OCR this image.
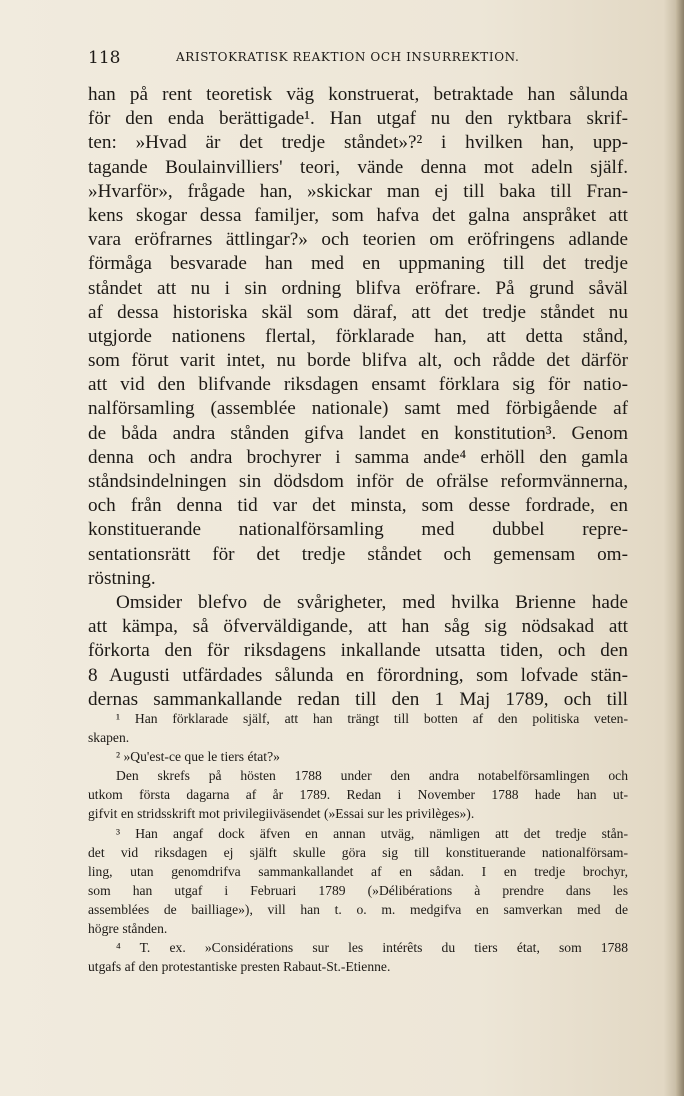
118	ARISTOKRATISK REAKTION OCH INSURREKTION.
han på rent teoretisk väg konstruerat, betraktade han sålunda
för den enda berättigade¹. Han utgaf nu den ryktbara skrif-
ten: »Hvad är det tredje ståndet»?² i hvilken han, upp-
tagande Boulainvilliers' teori, vände denna mot adeln själf.
»Hvarför», frågade han, »skickar man ej till baka till Fran-
kens skogar dessa familjer, som hafva det galna anspråket att
vara eröfrarnes ättlingar?» och teorien om eröfringens adlande
förmåga besvarade han med en uppmaning till det tredje
ståndet att nu i sin ordning blifva eröfrare. På grund såväl
af dessa historiska skäl som däraf, att det tredje ståndet nu
utgjorde nationens flertal, förklarade han, att detta stånd,
som förut varit intet, nu borde blifva alt, och rådde det därför
att vid den blifvande riksdagen ensamt förklara sig för natio-
nalförsamling (assemblée nationale) samt med förbigående af
de båda andra stånden gifva landet en konstitution³. Genom
denna och andra brochyrer i samma ande⁴ erhöll den gamla
ståndsindelningen sin dödsdom inför de ofrälse reformvännerna,
och från denna tid var det minsta, som desse fordrade, en
konstituerande nationalförsamling med dubbel repre-
sentationsrätt för det tredje ståndet och gemensam om-
röstning.
Omsider blefvo de svårigheter, med hvilka Brienne hade
att kämpa, så öfverväldigande, att han såg sig nödsakad att
förkorta den för riksdagens inkallande utsatta tiden, och den
8 Augusti utfärdades sålunda en förordning, som lofvade stän-
dernas sammankallande redan till den 1 Maj 1789, och till
¹ Han förklarade själf, att han trängt till botten af den politiska veten-
skapen.
² »Qu'est-ce que le tiers état?»
Den skrefs på hösten 1788 under den andra notabelförsamlingen och
utkom första dagarna af år 1789. Redan i November 1788 hade han ut-
gifvit en stridsskrift mot privilegiiväsendet (»Essai sur les privilèges»).
³ Han angaf dock äfven en annan utväg, nämligen att det tredje stån-
det vid riksdagen ej själft skulle göra sig till konstituerande nationalförsam-
ling, utan genomdrifva sammankallandet af en sådan. I en tredje brochyr,
som han utgaf i Februari 1789 (»Délibérations à prendre dans les
assemblées de bailliage»), vill han t. o. m. medgifva en samverkan med de
högre stånden.
⁴ T. ex. »Considérations sur les intérêts du tiers état, som 1788
utgafs af den protestantiske presten Rabaut-St.-Etienne.
